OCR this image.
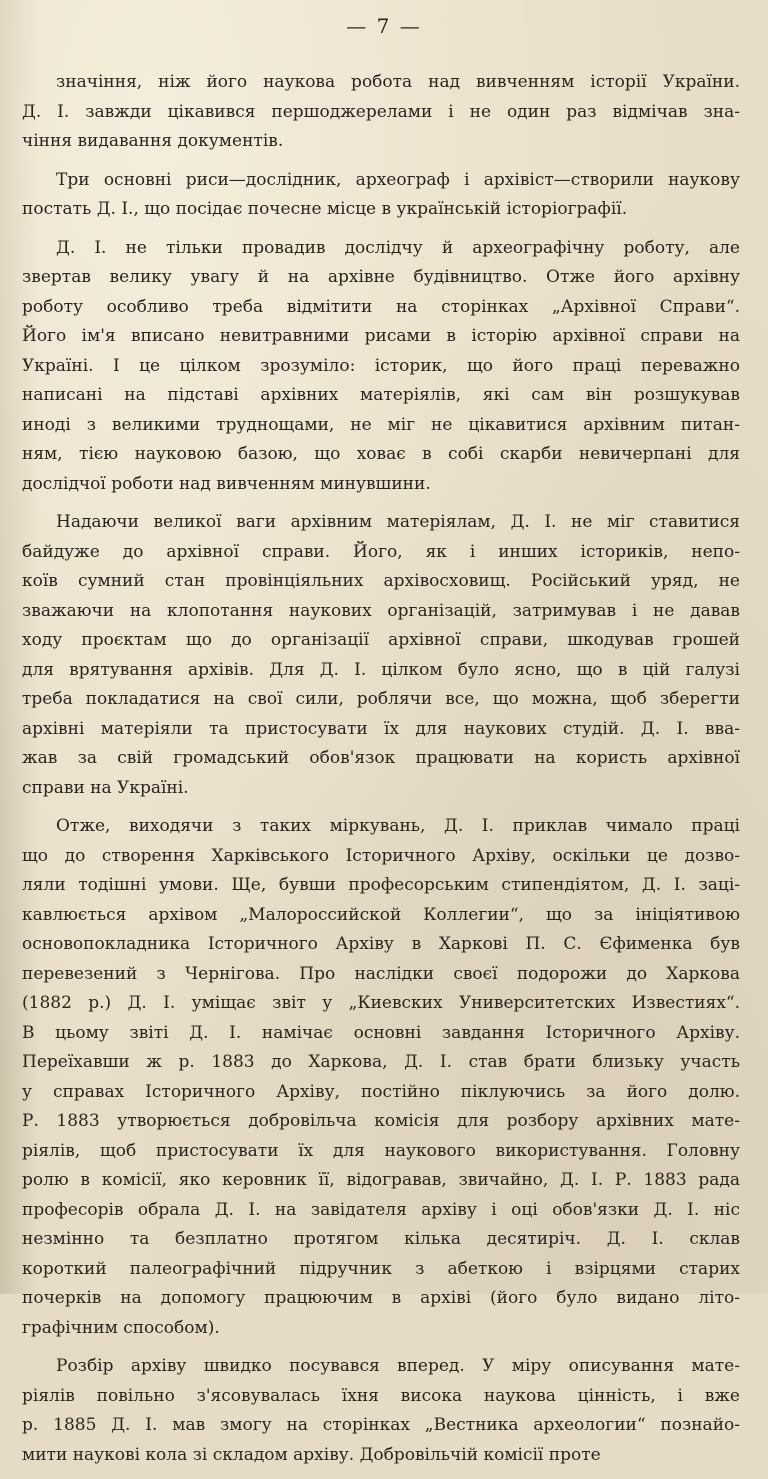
— 7 —
значіння, ніж його наукова робота над вивченням історії України.
Д. І. завжди цікавився першоджерелами і не один раз відмічав зна-
чіння видавання документів.
Три основні риси—дослідник, археограф і архівіст—створили наукову
постать Д. І., що посідає почесне місце в українській історіографії.
Д. І. не тільки провадив дослідчу й археографічну роботу, але
звертав велику увагу й на архівне будівництво. Отже його архівну
роботу особливо треба відмітити на сторінках „Архівної Справи“.
Його ім'я вписано невитравними рисами в історію архівної справи на
Україні. І це цілком зрозуміло: історик, що його праці переважно
написані на підставі архівних матеріялів, які сам він розшукував
иноді з великими труднощами, не міг не цікавитися архівним питан-
ням, тією науковою базою, що ховає в собі скарби невичерпані для
дослідчої роботи над вивченням минувшини.
Надаючи великої ваги архівним матеріялам, Д. І. не міг ставитися
байдуже до архівної справи. Його, як і инших істориків, непо-
коїв сумний стан провінціяльних архівосховищ. Російський уряд, не
зважаючи на клопотання наукових організацій, затримував і не давав
ходу проєктам що до організації архівної справи, шкодував грошей
для врятування архівів. Для Д. І. цілком було ясно, що в цій галузі
треба покладатися на свої сили, роблячи все, що можна, щоб зберегти
архівні матеріяли та пристосувати їх для наукових студій. Д. І. вва-
жав за свій громадський обов'язок працювати на користь архівної
справи на Україні.
Отже, виходячи з таких міркувань, Д. І. приклав чимало праці
що до створення Харківського Історичного Архіву, оскільки це дозво-
ляли тодішні умови. Ще, бувши професорським стипендіятом, Д. І. заці-
кавлюється архівом „Малороссийской Коллегии“, що за ініціятивою
основопокладника Історичного Архіву в Харкові П. С. Єфименка був
перевезений з Чернігова. Про наслідки своєї подорожи до Харкова
(1882 р.) Д. І. уміщає звіт у „Киевских Университетских Известиях“.
В цьому звіті Д. І. намічає основні завдання Історичного Архіву.
Переїхавши ж р. 1883 до Харкова, Д. І. став брати близьку участь
у справах Історичного Архіву, постійно піклуючись за його долю.
Р. 1883 утворюється добровільча комісія для розбору архівних мате-
ріялів, щоб пристосувати їх для наукового використування. Головну
ролю в комісії, яко керовник її, відогравав, звичайно, Д. І. Р. 1883 рада
професорів обрала Д. І. на завідателя архіву і оці обов'язки Д. І. ніс
незмінно та безплатно протягом кілька десятиріч. Д. І. склав
короткий палеографічний підручник з абеткою і взірцями старих
почерків на допомогу працюючим в архіві (його було видано літо-
графічним способом).
Розбір архіву швидко посувався вперед. У міру описування мате-
ріялів повільно з'ясовувалась їхня висока наукова цінність, і вже
р. 1885 Д. І. мав змогу на сторінках „Вестника археологии“ познайо-
мити наукові кола зі складом архіву. Добровільчій комісії проте
